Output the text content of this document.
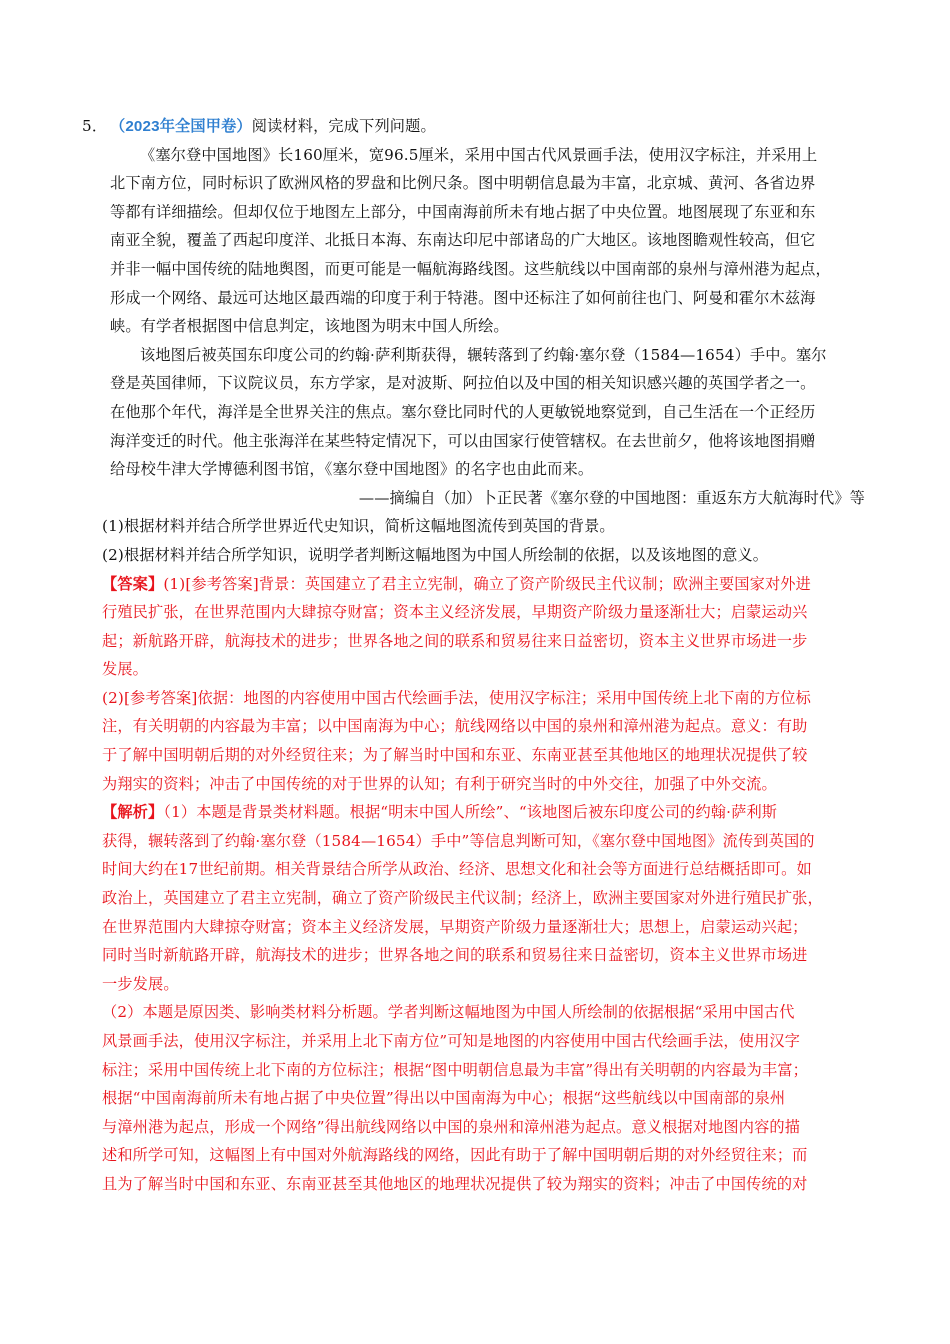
5． （2023年全国甲卷）阅读材料，完成下列问题。
《塞尔登中国地图》长160厘米，宽96.5厘米，采用中国古代风景画手法，使用汉字标注，并采用上
北下南方位，同时标识了欧洲风格的罗盘和比例尺条。图中明朝信息最为丰富，北京城、黄河、各省边界
等都有详细描绘。但却仅位于地图左上部分，中国南海前所未有地占据了中央位置。地图展现了东亚和东
南亚全貌，覆盖了西起印度洋、北抵日本海、东南达印尼中部诸岛的广大地区。该地图瞻观性较高，但它
并非一幅中国传统的陆地舆图，而更可能是一幅航海路线图。这些航线以中国南部的泉州与漳州港为起点，
形成一个网络、最远可达地区最西端的印度于利于特港。图中还标注了如何前往也门、阿曼和霍尔木兹海
峡。有学者根据图中信息判定，该地图为明末中国人所绘。
该地图后被英国东印度公司的约翰·萨利斯获得，辗转落到了约翰·塞尔登（1584—1654）手中。塞尔
登是英国律师，下议院议员，东方学家，是对波斯、阿拉伯以及中国的相关知识感兴趣的英国学者之一。
在他那个年代，海洋是全世界关注的焦点。塞尔登比同时代的人更敏锐地察觉到，自己生活在一个正经历
海洋变迁的时代。他主张海洋在某些特定情况下，可以由国家行使管辖权。在去世前夕，他将该地图捐赠
给母校牛津大学博德利图书馆，《塞尔登中国地图》的名字也由此而来。
——摘编自（加）卜正民著《塞尔登的中国地图：重返东方大航海时代》等
(1)根据材料并结合所学世界近代史知识，简析这幅地图流传到英国的背景。
(2)根据材料并结合所学知识，说明学者判断这幅地图为中国人所绘制的依据，以及该地图的意义。
【答案】(1)[参考答案]背景：英国建立了君主立宪制，确立了资产阶级民主代议制；欧洲主要国家对外进
行殖民扩张，在世界范围内大肆掠夺财富；资本主义经济发展，早期资产阶级力量逐渐壮大；启蒙运动兴
起；新航路开辟，航海技术的进步；世界各地之间的联系和贸易往来日益密切，资本主义世界市场进一步
发展。
(2)[参考答案]依据：地图的内容使用中国古代绘画手法，使用汉字标注；采用中国传统上北下南的方位标
注，有关明朝的内容最为丰富；以中国南海为中心；航线网络以中国的泉州和漳州港为起点。意义：有助
于了解中国明朝后期的对外经贸往来；为了解当时中国和东亚、东南亚甚至其他地区的地理状况提供了较
为翔实的资料；冲击了中国传统的对于世界的认知；有利于研究当时的中外交往，加强了中外交流。
【解析】（1）本题是背景类材料题。根据“明末中国人所绘”、“该地图后被东印度公司的约翰·萨利斯
获得，辗转落到了约翰·塞尔登（1584—1654）手中”等信息判断可知，《塞尔登中国地图》流传到英国的
时间大约在17世纪前期。相关背景结合所学从政治、经济、思想文化和社会等方面进行总结概括即可。如
政治上，英国建立了君主立宪制，确立了资产阶级民主代议制；经济上，欧洲主要国家对外进行殖民扩张，
在世界范围内大肆掠夺财富；资本主义经济发展，早期资产阶级力量逐渐壮大；思想上，启蒙运动兴起；
同时当时新航路开辟，航海技术的进步；世界各地之间的联系和贸易往来日益密切，资本主义世界市场进
一步发展。
（2）本题是原因类、影响类材料分析题。学者判断这幅地图为中国人所绘制的依据根据“采用中国古代
风景画手法，使用汉字标注，并采用上北下南方位”可知是地图的内容使用中国古代绘画手法，使用汉字
标注；采用中国传统上北下南的方位标注；根据“图中明朝信息最为丰富”得出有关明朝的内容最为丰富；
根据“中国南海前所未有地占据了中央位置”得出以中国南海为中心；根据“这些航线以中国南部的泉州
与漳州港为起点，形成一个网络”得出航线网络以中国的泉州和漳州港为起点。意义根据对地图内容的描
述和所学可知，这幅图上有中国对外航海路线的网络，因此有助于了解中国明朝后期的对外经贸往来；而
且为了解当时中国和东亚、东南亚甚至其他地区的地理状况提供了较为翔实的资料；冲击了中国传统的对
